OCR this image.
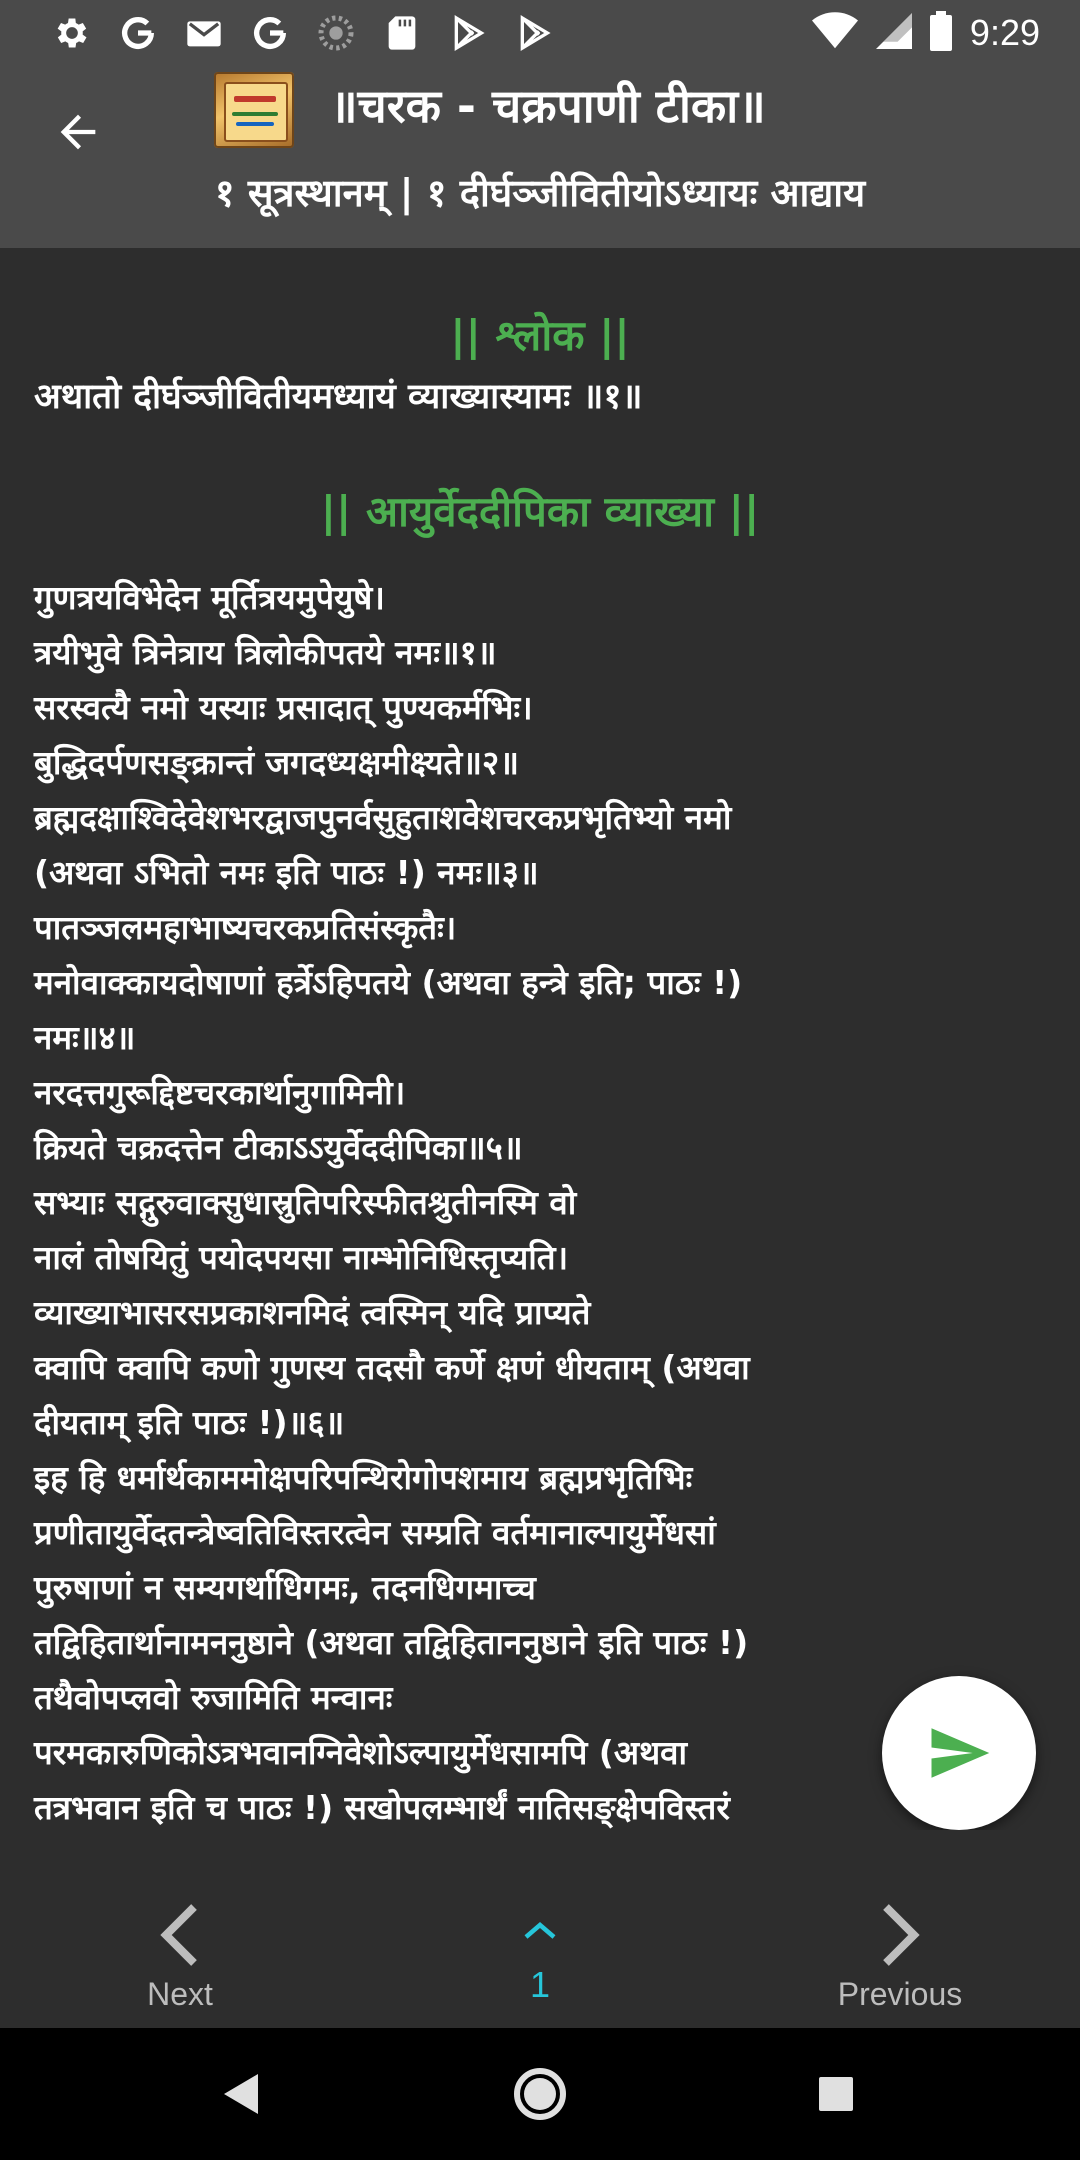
9:29
॥चरक - चक्रपाणी टीका॥
१ सूत्रस्थानम् | १ दीर्घञ्जीवितीयोऽध्यायः आद्याय
|| श्लोक ||
अथातो दीर्घञ्जीवितीयमध्यायं व्याख्यास्यामः ॥१॥
|| आयुर्वेददीपिका व्याख्या ||
गुणत्रयविभेदेन मूर्तित्रयमुपेयुषे।
त्रयीभुवे त्रिनेत्राय त्रिलोकीपतये नमः॥१॥
सरस्वत्यै नमो यस्याः प्रसादात् पुण्यकर्मभिः।
बुद्धिदर्पणसङ्क्रान्तं जगदध्यक्षमीक्ष्यते॥२॥
ब्रह्मदक्षाश्विदेवेशभरद्वाजपुनर्वसुहुताशवेशचरकप्रभृतिभ्यो नमो
(अथवा ऽभितो नमः इति पाठः !) नमः॥३॥
पातञ्जलमहाभाष्यचरकप्रतिसंस्कृतैः।
मनोवाक्कायदोषाणां हर्त्रेऽहिपतये (अथवा हन्त्रे इति; पाठः !)
नमः॥४॥
नरदत्तगुरूद्दिष्टचरकार्थानुगामिनी।
क्रियते चक्रदत्तेन टीकाऽऽयुर्वेददीपिका॥५॥
सभ्याः सद्गुरुवाक्सुधास्रुतिपरिस्फीतश्रुतीनस्मि वो
नालं तोषयितुं पयोदपयसा नाम्भोनिधिस्तृप्यति।
व्याख्याभासरसप्रकाशनमिदं त्वस्मिन् यदि प्राप्यते
क्वापि क्वापि कणो गुणस्य तदसौ कर्णे क्षणं धीयताम् (अथवा
दीयताम् इति पाठः !)॥६॥
इह हि धर्मार्थकाममोक्षपरिपन्थिरोगोपशमाय ब्रह्मप्रभृतिभिः
प्रणीतायुर्वेदतन्त्रेष्वतिविस्तरत्वेन सम्प्रति वर्तमानाल्पायुर्मेधसां
पुरुषाणां न सम्यगर्थाधिगमः, तदनधिगमाच्च
तद्विहितार्थानामननुष्ठाने (अथवा तद्विहिताननुष्ठाने इति पाठः !)
तथैवोपप्लवो रुजामिति मन्वानः
परमकारुणिकोऽत्रभवानग्निवेशोऽल्पायुर्मेधसामपि (अथवा
तत्रभवान इति च पाठः !) सखोपलम्भार्थं नातिसङ्क्षेपविस्तरं
Next	1	Previous
